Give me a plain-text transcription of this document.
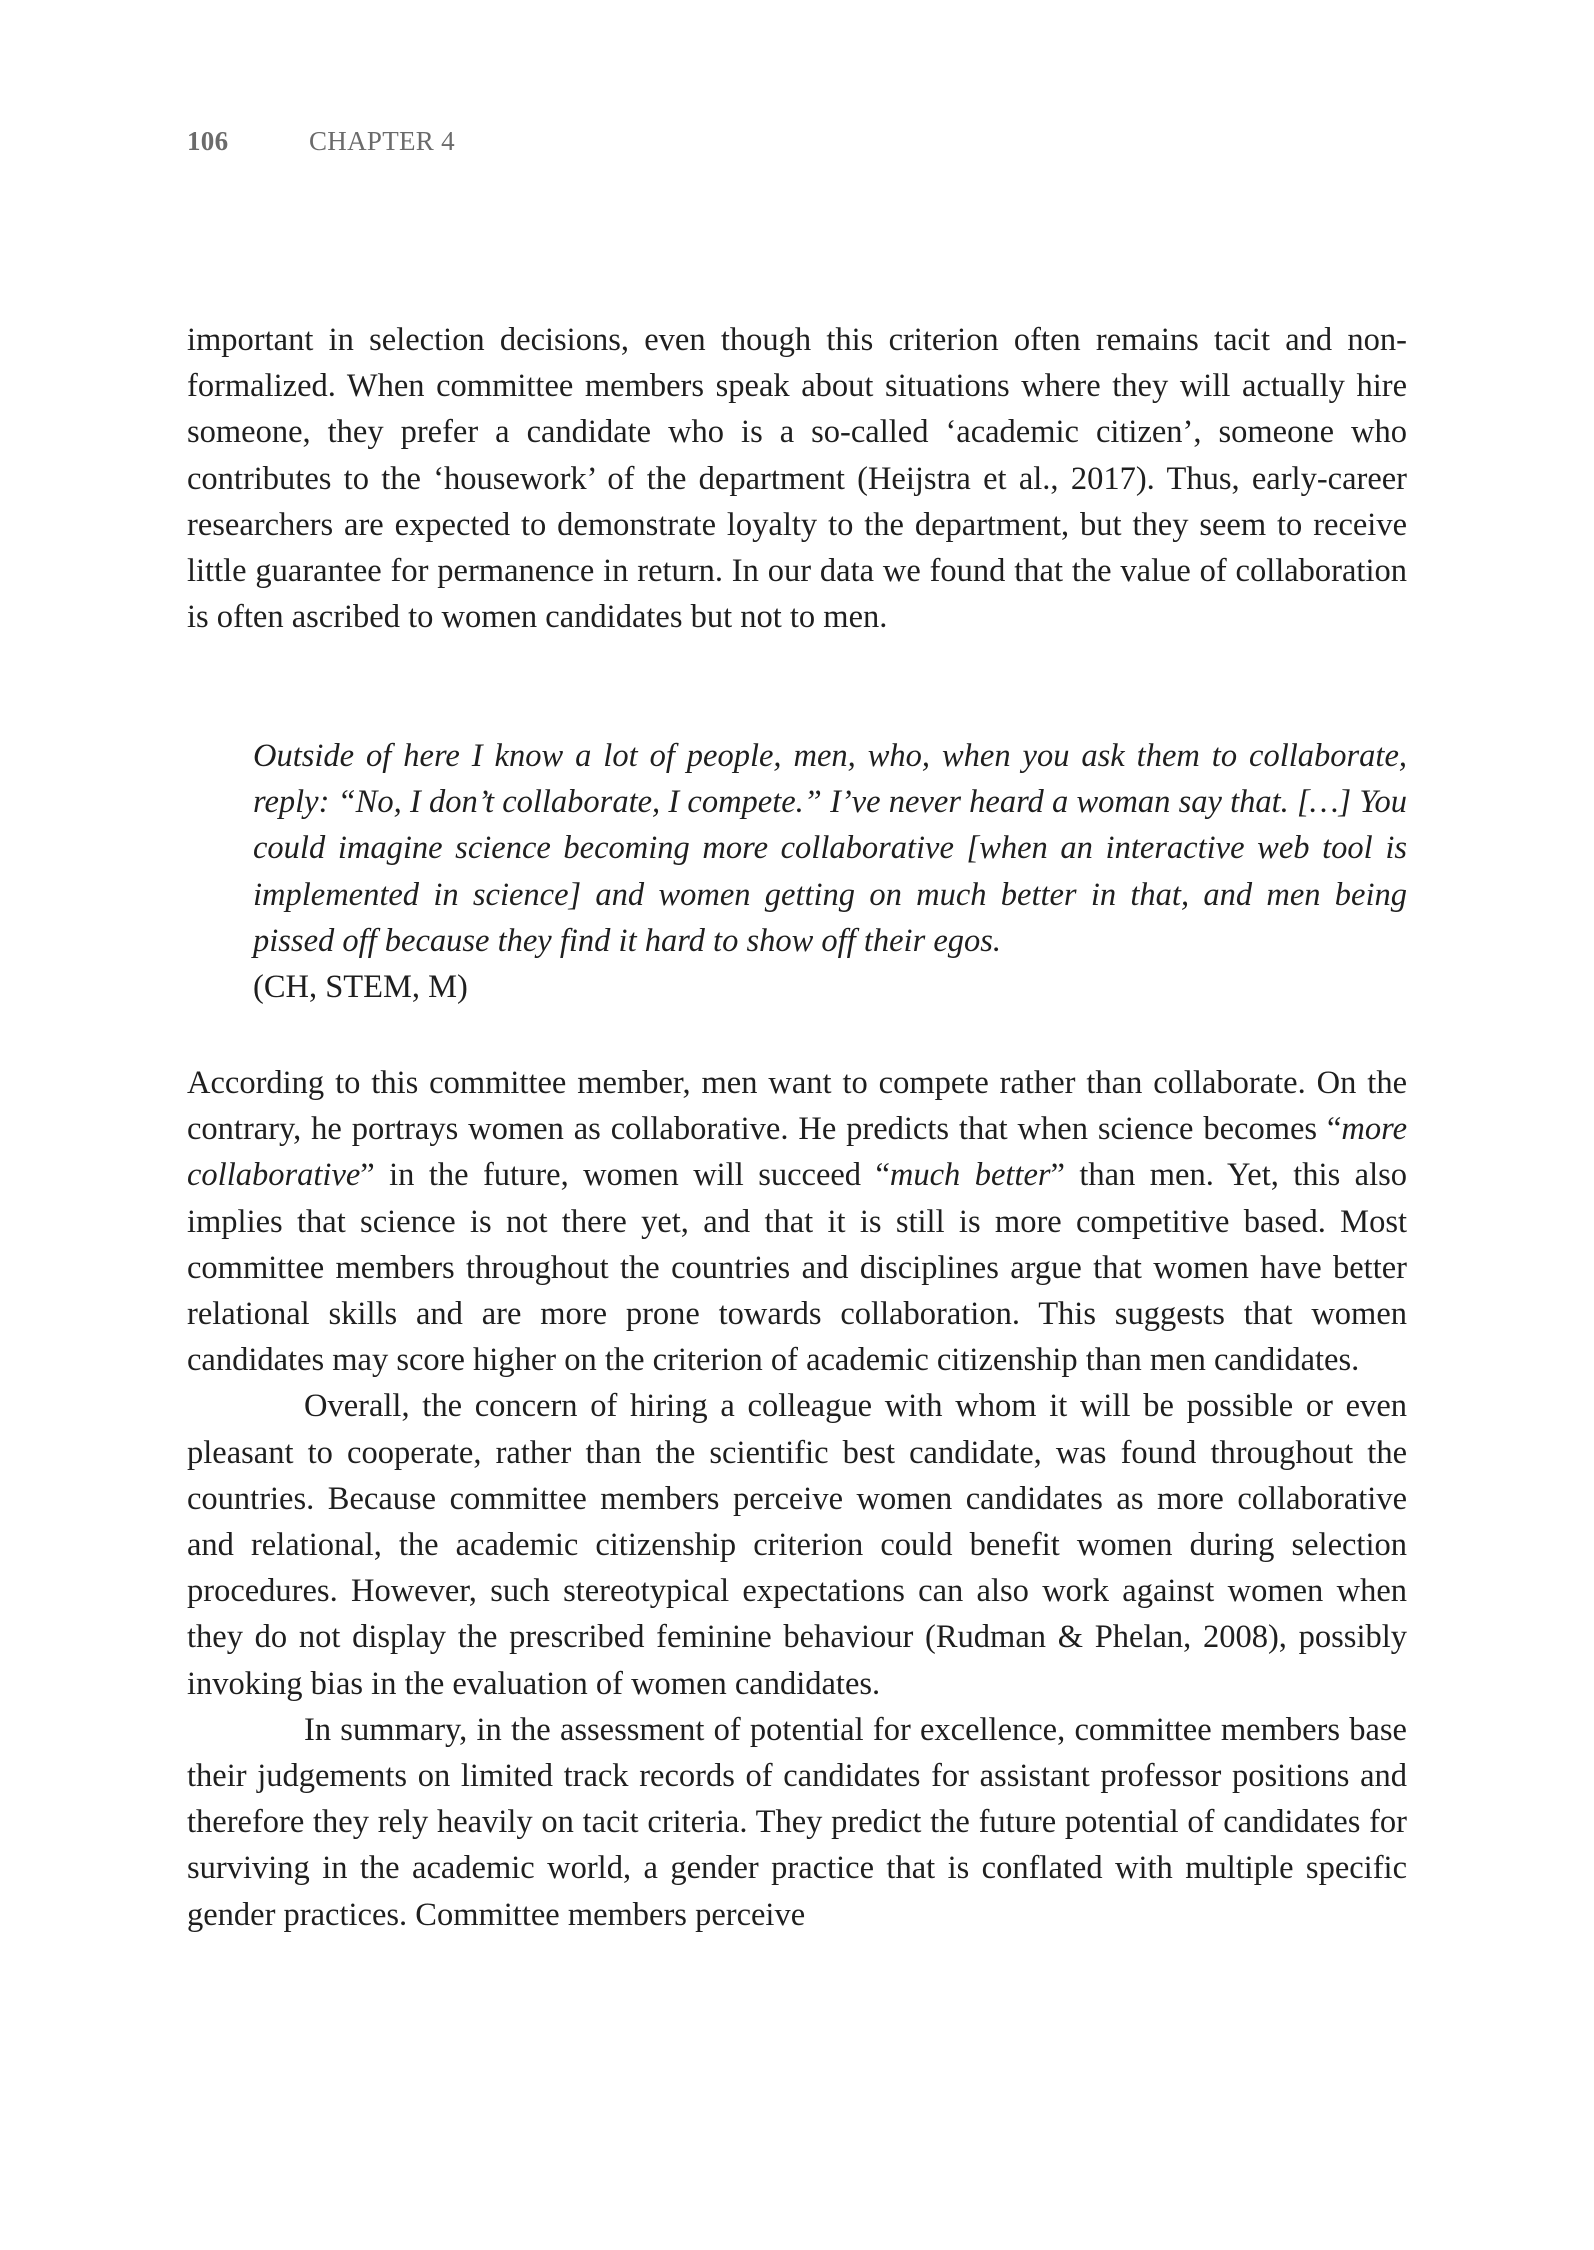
106	CHAPTER 4

important in selection decisions, even though this criterion often remains tacit and non-formalized. When committee members speak about situations where they will actually hire someone, they prefer a candidate who is a so-called ‘academic citizen’, someone who contributes to the ‘housework’ of the department (Heijstra et al., 2017). Thus, early-career researchers are expected to demonstrate loyalty to the department, but they seem to receive little guarantee for permanence in return. In our data we found that the value of collaboration is often ascribed to women candidates but not to men.

Outside of here I know a lot of people, men, who, when you ask them to collaborate, reply: “No, I don’t collaborate, I compete.” I’ve never heard a woman say that. […] You could imagine science becoming more collaborative [when an interactive web tool is implemented in science] and women getting on much better in that, and men being pissed off because they find it hard to show off their egos.

(CH, STEM, M)

According to this committee member, men want to compete rather than collaborate. On the contrary, he portrays women as collaborative. He predicts that when science becomes “more collaborative” in the future, women will succeed “much better” than men. Yet, this also implies that science is not there yet, and that it is still is more competitive based. Most committee members throughout the countries and disciplines argue that women have better relational skills and are more prone towards collaboration. This suggests that women candidates may score higher on the criterion of academic citizenship than men candidates.

Overall, the concern of hiring a colleague with whom it will be possible or even pleasant to cooperate, rather than the scientific best candidate, was found throughout the countries. Because committee members perceive women candidates as more collaborative and relational, the academic citizenship criterion could benefit women during selection procedures. However, such stereotypical expectations can also work against women when they do not display the prescribed feminine behaviour (Rudman & Phelan, 2008), possibly invoking bias in the evaluation of women candidates.

In summary, in the assessment of potential for excellence, committee members base their judgements on limited track records of candidates for assistant professor positions and therefore they rely heavily on tacit criteria. They predict the future potential of candidates for surviving in the academic world, a gender practice that is conflated with multiple specific gender practices. Committee members perceive
